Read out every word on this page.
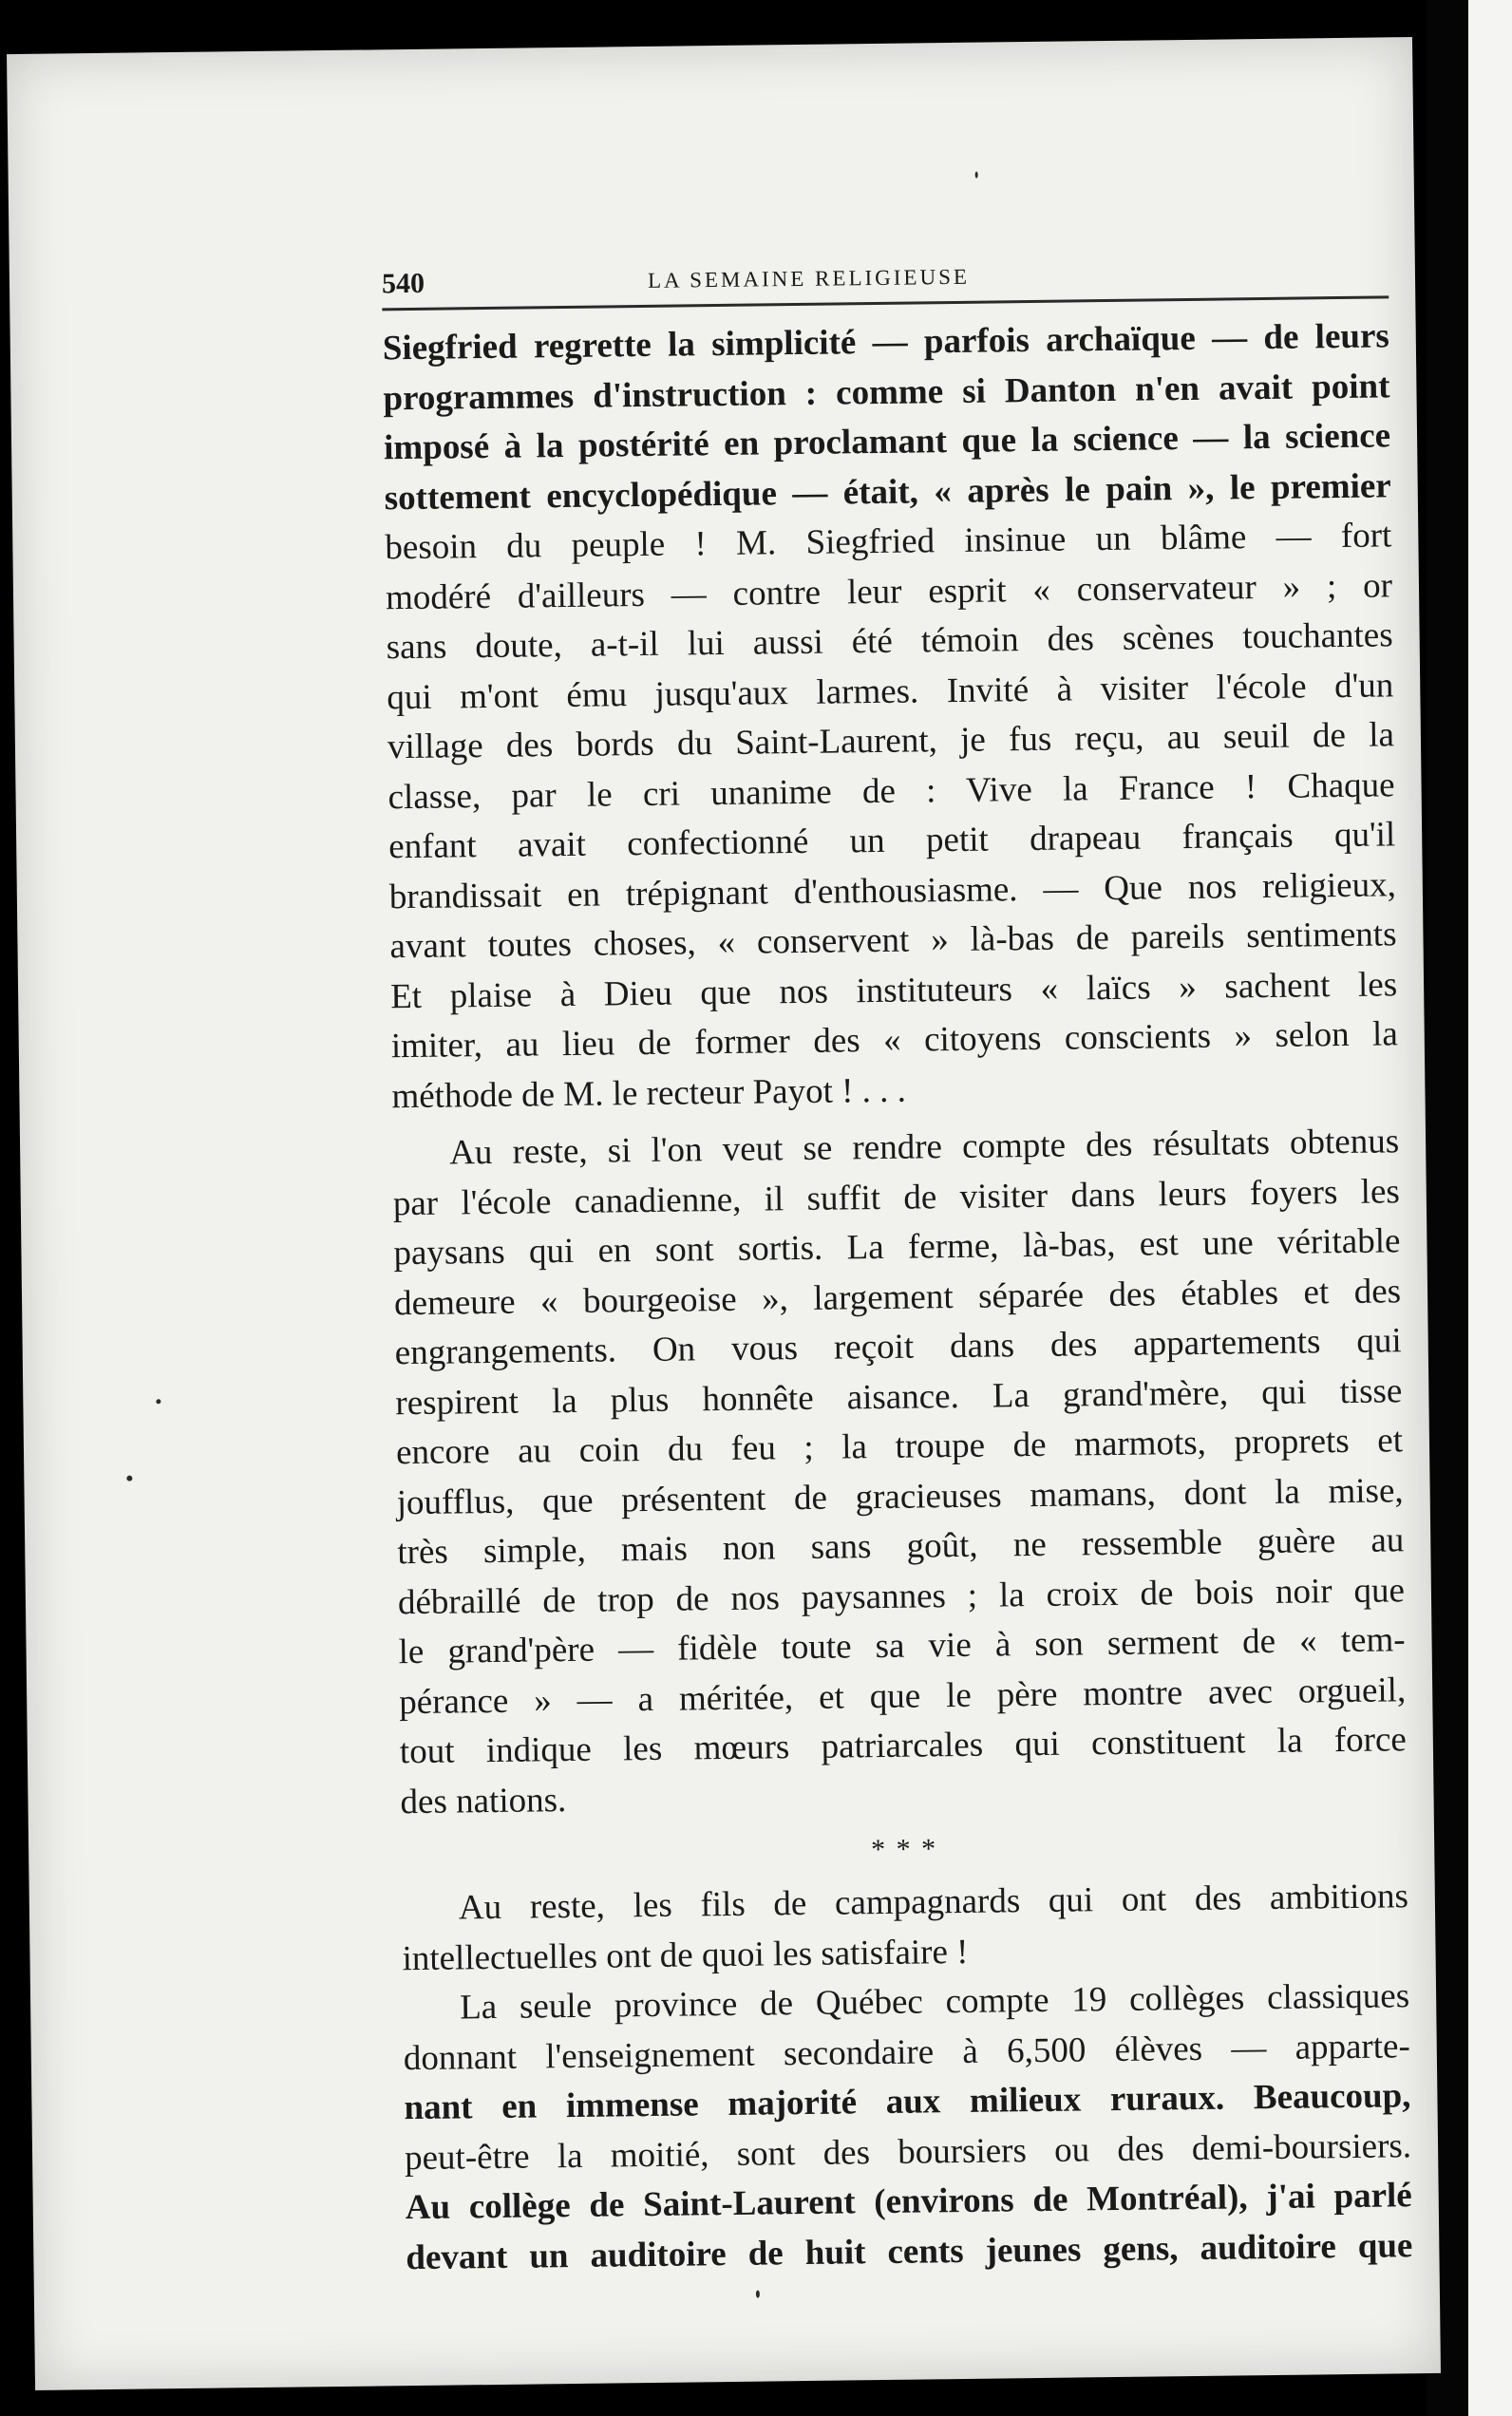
540	LA SEMAINE RELIGIEUSE
Siegfried regrette la simplicité — parfois archaïque — de leurs
programmes d'instruction : comme si Danton n'en avait point
imposé à la postérité en proclamant que la science — la science
sottement encyclopédique — était, « après le pain », le premier
besoin du peuple ! M. Siegfried insinue un blâme — fort
modéré d'ailleurs — contre leur esprit « conservateur » ; or
sans doute, a-t-il lui aussi été témoin des scènes touchantes
qui m'ont ému jusqu'aux larmes. Invité à visiter l'école d'un
village des bords du Saint-Laurent, je fus reçu, au seuil de la
classe, par le cri unanime de : Vive la France ! Chaque
enfant avait confectionné un petit drapeau français qu'il
brandissait en trépignant d'enthousiasme. — Que nos religieux,
avant toutes choses, « conservent » là-bas de pareils sentiments
Et plaise à Dieu que nos instituteurs « laïcs » sachent les
imiter, au lieu de former des « citoyens conscients » selon la
méthode de M. le recteur Payot ! . . .
Au reste, si l'on veut se rendre compte des résultats obtenus
par l'école canadienne, il suffit de visiter dans leurs foyers les
paysans qui en sont sortis. La ferme, là-bas, est une véritable
demeure « bourgeoise », largement séparée des étables et des
engrangements. On vous reçoit dans des appartements qui
respirent la plus honnête aisance. La grand'mère, qui tisse
encore au coin du feu ; la troupe de marmots, proprets et
joufflus, que présentent de gracieuses mamans, dont la mise,
très simple, mais non sans goût, ne ressemble guère au
débraillé de trop de nos paysannes ; la croix de bois noir que
le grand'père — fidèle toute sa vie à son serment de « tem-
pérance » — a méritée, et que le père montre avec orgueil,
tout indique les mœurs patriarcales qui constituent la force
des nations.
* * *
Au reste, les fils de campagnards qui ont des ambitions
intellectuelles ont de quoi les satisfaire !
La seule province de Québec compte 19 collèges classiques
donnant l'enseignement secondaire à 6,500 élèves — apparte-
nant en immense majorité aux milieux ruraux. Beaucoup,
peut-être la moitié, sont des boursiers ou des demi-boursiers.
Au collège de Saint-Laurent (environs de Montréal), j'ai parlé
devant un auditoire de huit cents jeunes gens, auditoire que
